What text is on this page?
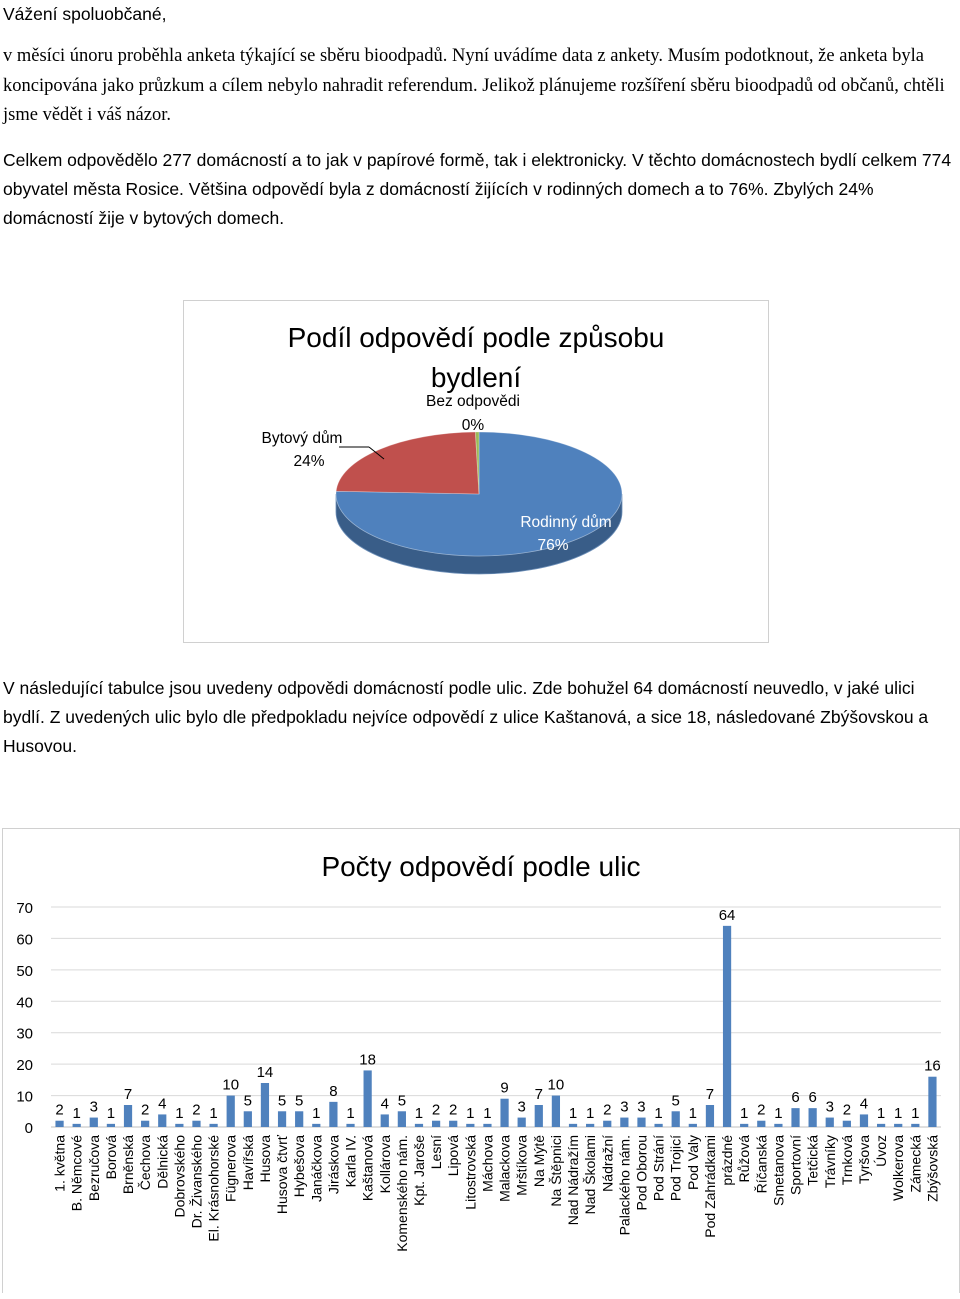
Vážení spoluobčané,

v měsíci únoru proběhla anketa týkající se sběru bioodpadů. Nyní uvádíme data z ankety. Musím podotknout, že anketa byla koncipována jako průzkum a cílem nebylo nahradit referendum. Jelikož plánujeme rozšíření sběru bioodpadů od občanů, chtěli jsme vědět i váš názor.

Celkem odpovědělo 277 domácností a to jak v papírové formě, tak i elektronicky. V těchto domácnostech bydlí celkem 774 obyvatel města Rosice. Většina odpovědí byla z domácností žijících v rodinných domech a to 76%. Zbylých 24% domácností žije v bytových domech.

Podíl odpovědí podle způsobu
bydlení
Bytový dům
24%
Bez odpovědi
0%
Rodinný dům
76%

V následující tabulce jsou uvedeny odpovědi domácností podle ulic. Zde bohužel 64 domácností neuvedlo, v jaké ulici bydlí. Z uvedených ulic bylo dle předpokladu nejvíce odpovědí z ulice Kaštanová, a sice 18, následované Zbýšovskou a Husovou.

Počty odpovědí podle ulic
0
10
20
30
40
50
60
70
2
1. května
1
B. Němcové
3
Bezručova
1
Borová
7
Brněnská
2
Čechova
4
Dělnická
1
Dobrovského
2
Dr. Živanského
1
El. Krásnohorské
10
Fügnerova
5
Havířská
14
Husova
5
Husova čtvrť
5
Hybešova
1
Janáčkova
8
Jiráskova
1
Karla IV.
18
Kaštanová
4
Kollárova
5
Komenského nám.
1
Kpt. Jaroše
2
Lesní
2
Lipová
1
Litostrovská
1
Máchova
9
Malackova
3
Mrštíkova
7
Na Mýtě
10
Na Štěpnici
1
Nad Nádražím
1
Nad Školami
2
Nádražní
3
Palackého nám.
3
Pod Oborou
1
Pod Strání
5
Pod Trojicí
1
Pod Valy
7
Pod Zahrádkami
64
prázdné
1
Růžová
2
Říčanská
1
Smetanova
6
Sportovní
6
Tetčická
3
Trávníky
2
Trnková
4
Tyršova
1
Úvoz
1
Wolkerova
1
Zámecká
16
Zbýšovská
